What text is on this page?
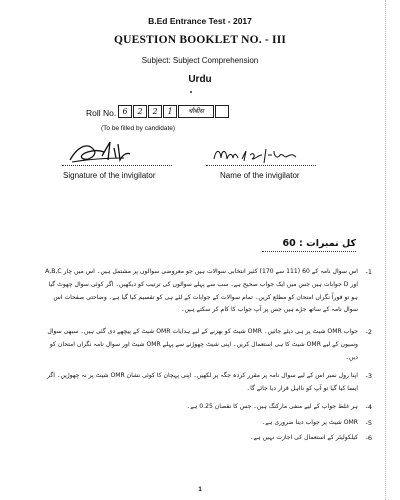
B.Ed Entrance Test - 2017
QUESTION BOOKLET NO. - III
Subject: Subject Comprehension
Urdu
Roll No. 6	2	2	1	चौबीस
(To be filled by candidate)
Signature of the invigilator	Name of the invigilator
کل نمبرات : 60
-1
اس سوال نامہ کے 60 (111 سے 170) کثیر انتخابی سوالات ہیں جو معروضی سوالوں پر مشتمل ہیں۔ اس میں چار A,B,C اور D جوابات ہیں جس میں ایک جواب صحیح ہے۔ سب سے پہلے سوالوں کی ترتیب کو دیکھیں۔ اگر کوئی سوال چھوٹ گیا ہو تو فوراً نگراں امتحان کو مطلع کریں۔ تمام سوالات کے جوابات کے لئے ہی کو تقسیم کیا گیا ہے۔ وضاحتی صفحات اس سوال نامہ کے ساتھ جڑے ہیں جس پر آپ جواب کا کام کر سکتے ہیں۔
-2
جواب OMR شیٹ پر ہی دیئے جائیں۔ OMR شیٹ کو بھرنے کے لیے ہدایات OMR شیٹ کے پیچھے دی گئی ہیں۔ سبھی سوال وسیوں کے لیے OMR شیٹ کا ہی استعمال کریں۔ اپنی شیٹ چھوڑنے سے پہلے OMR شیٹ اور سوال نامہ نگراں امتحان کو دیں۔
-3
اپنا رول نمبر اس کے لیے سوال نامہ پر مقرر کردہ جگہ پر لکھیں۔ اپنی پہچان کا کوئی نشان OMR شیٹ پر نہ چھوڑیں۔ اگر ایسا کیا گیا تو آپ کو نااہل قرار دیا جائے گا۔
-4
ہر غلط جواب کے لیے منفی مارکنگ ہیں۔ جس کا نقصان 0.25 ہے۔
-5
OMR شیٹ پر جواب دینا ضروری ہے۔
-6
کیلکولیٹر کے استعمال کی اجازت نہیں ہے۔
1
